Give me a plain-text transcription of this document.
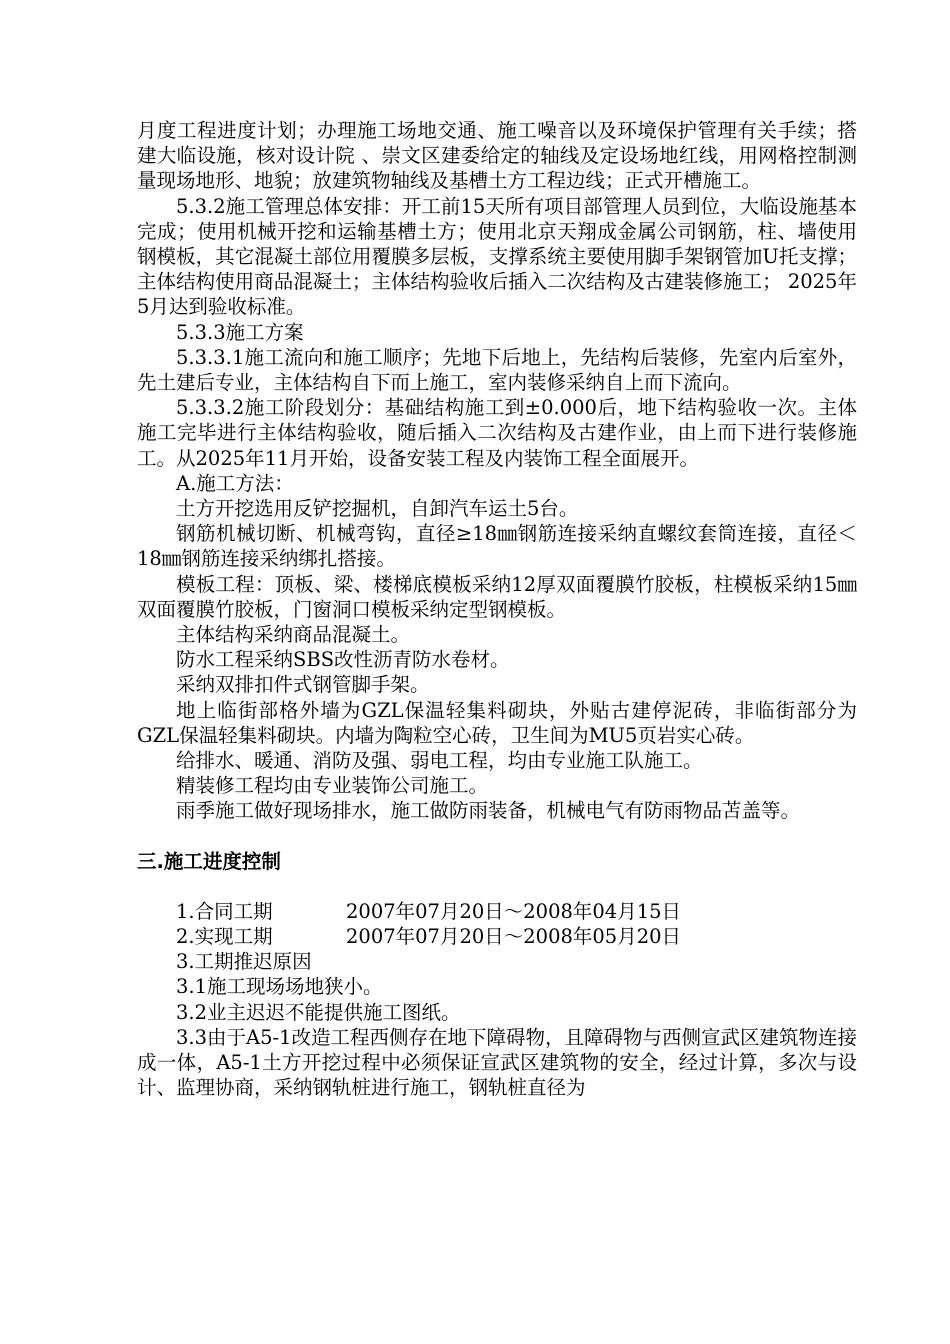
月度工程进度计划；办理施工场地交通、施工噪音以及环境保护管理有关手续；搭建大临设施，核对设计院 、崇文区建委给定的轴线及定设场地红线，用网格控制测量现场地形、地貌；放建筑物轴线及基槽土方工程边线；正式开槽施工。

5.3.2施工管理总体安排：开工前15天所有项目部管理人员到位，大临设施基本完成；使用机械开挖和运输基槽土方；使用北京天翔成金属公司钢筋，柱、墙使用钢模板，其它混凝土部位用覆膜多层板，支撑系统主要使用脚手架钢管加U托支撑；主体结构使用商品混凝土；主体结构验收后插入二次结构及古建装修施工； 2025年5月达到验收标准。

5.3.3施工方案

5.3.3.1施工流向和施工顺序；先地下后地上，先结构后装修，先室内后室外，先土建后专业，主体结构自下而上施工，室内装修采纳自上而下流向。

5.3.3.2施工阶段划分：基础结构施工到±0.000后，地下结构验收一次。主体施工完毕进行主体结构验收，随后插入二次结构及古建作业，由上而下进行装修施工。从2025年11月开始，设备安装工程及内装饰工程全面展开。

A.施工方法：

土方开挖选用反铲挖掘机，自卸汽车运土5台。

钢筋机械切断、机械弯钩，直径≥18㎜钢筋连接采纳直螺纹套筒连接，直径＜18㎜钢筋连接采纳绑扎搭接。

模板工程：顶板、梁、楼梯底模板采纳12厚双面覆膜竹胶板，柱模板采纳15㎜双面覆膜竹胶板，门窗洞口模板采纳定型钢模板。

主体结构采纳商品混凝土。

防水工程采纳SBS改性沥青防水卷材。

采纳双排扣件式钢管脚手架。

地上临街部格外墙为GZL保温轻集料砌块，外贴古建停泥砖，非临街部分为GZL保温轻集料砌块。内墙为陶粒空心砖，卫生间为MU5页岩实心砖。

给排水、暖通、消防及强、弱电工程，均由专业施工队施工。

精装修工程均由专业装饰公司施工。

雨季施工做好现场排水，施工做防雨装备，机械电气有防雨物品苫盖等。

三.施工进度控制
1.合同工期	2007年07月20日～2008年04月15日
2.实现工期	2007年07月20日～2008年05月20日

3.工期推迟原因

3.1施工现场场地狭小。

3.2业主迟迟不能提供施工图纸。

3.3由于A5-1改造工程西侧存在地下障碍物，且障碍物与西侧宣武区建筑物连接成一体，A5-1土方开挖过程中必须保证宣武区建筑物的安全，经过计算，多次与设计、监理协商，采纳钢轨桩进行施工，钢轨桩直径为
